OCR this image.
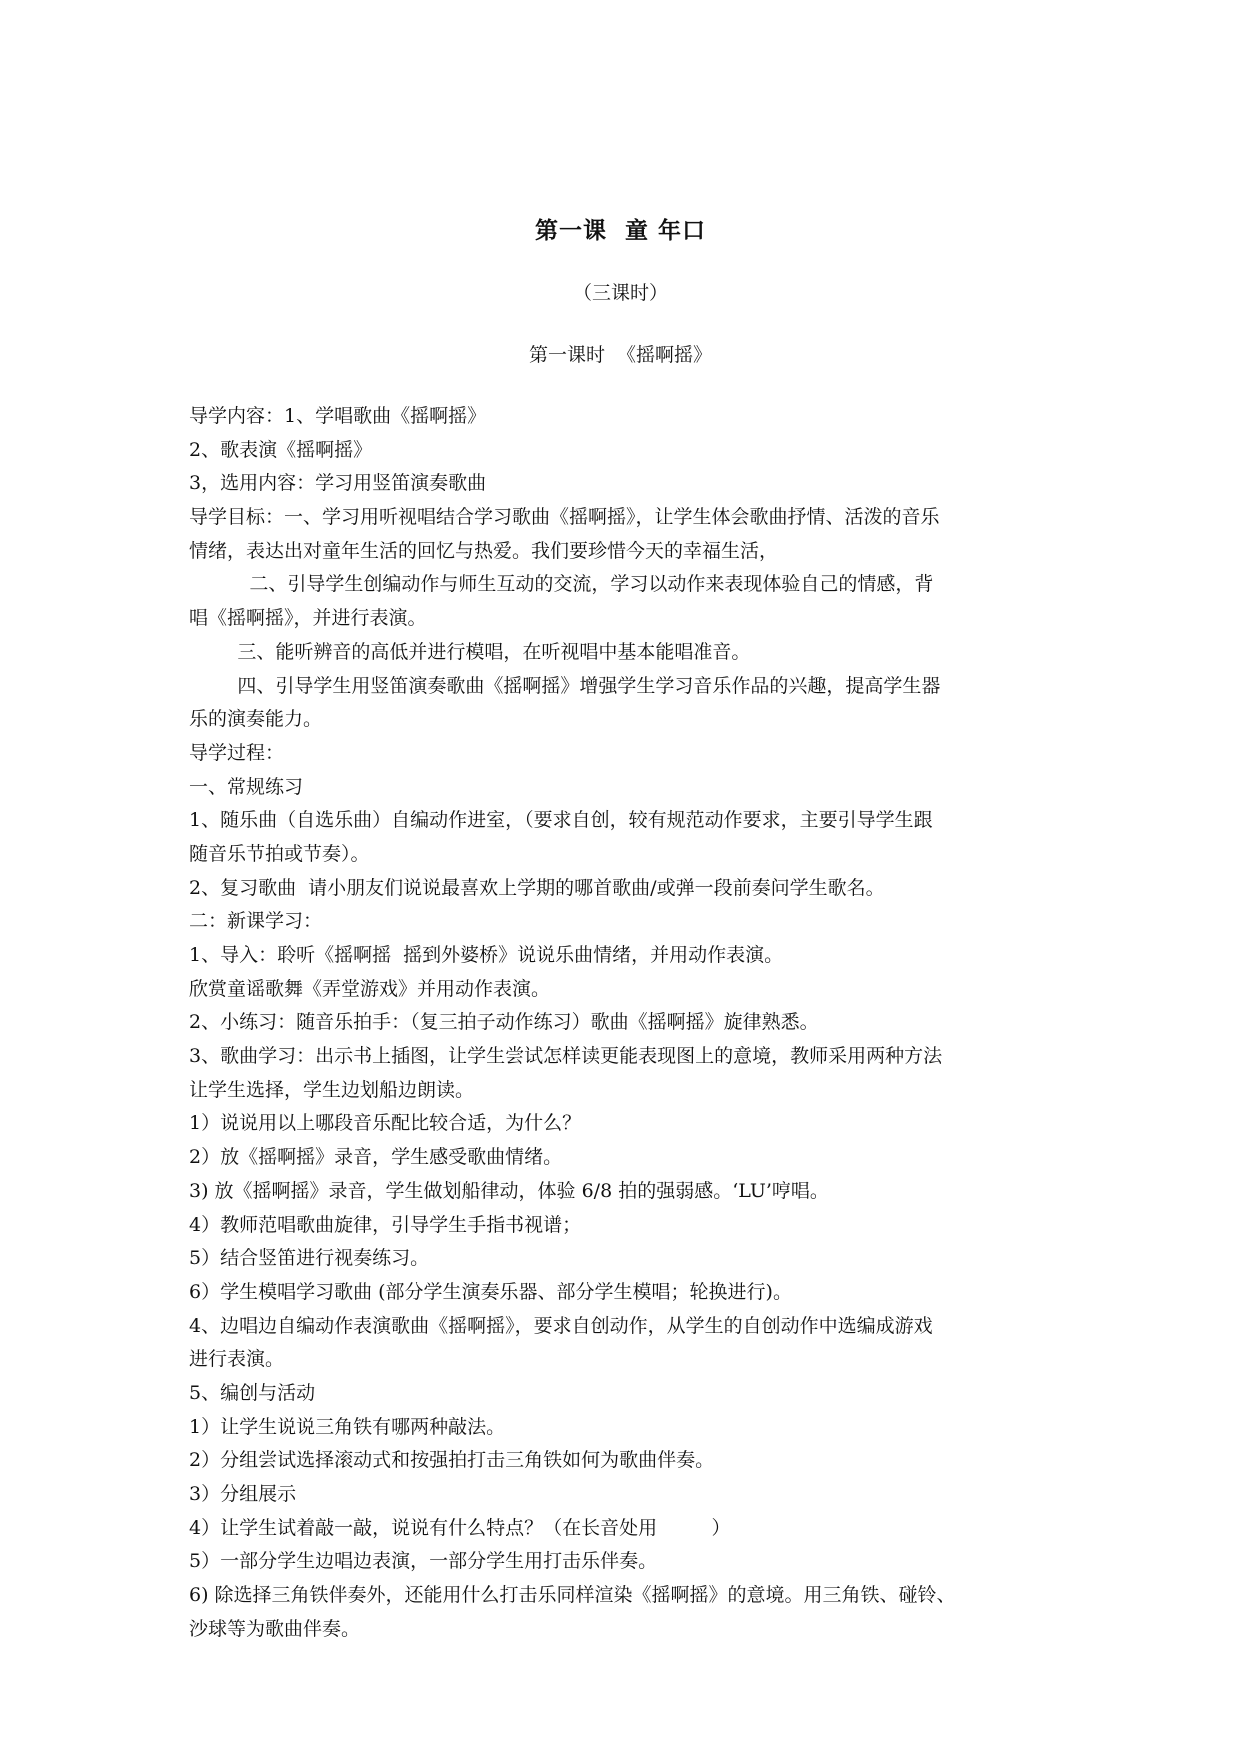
第一课  童 年口
（三课时）
第一课时  《摇啊摇》
导学内容：1、学唱歌曲《摇啊摇》
2、歌表演《摇啊摇》
3，选用内容：学习用竖笛演奏歌曲
导学目标：一、学习用听视唱结合学习歌曲《摇啊摇》，让学生体会歌曲抒情、活泼的音乐
情绪，表达出对童年生活的回忆与热爱。我们要珍惜今天的幸福生活，
二、引导学生创编动作与师生互动的交流，学习以动作来表现体验自己的情感，背
唱《摇啊摇》，并进行表演。
三、能听辨音的高低并进行模唱，在听视唱中基本能唱准音。
四、引导学生用竖笛演奏歌曲《摇啊摇》增强学生学习音乐作品的兴趣，提高学生器
乐的演奏能力。
导学过程：
一、常规练习
1、随乐曲（自选乐曲）自编动作进室，（要求自创，较有规范动作要求，主要引导学生跟
随音乐节拍或节奏）。
2、复习歌曲  请小朋友们说说最喜欢上学期的哪首歌曲/或弹一段前奏问学生歌名。
二：新课学习：
1、导入：聆听《摇啊摇  摇到外婆桥》说说乐曲情绪，并用动作表演。
欣赏童谣歌舞《弄堂游戏》并用动作表演。
2、小练习：随音乐拍手：（复三拍子动作练习）歌曲《摇啊摇》旋律熟悉。
3、歌曲学习：出示书上插图，让学生尝试怎样读更能表现图上的意境，教师采用两种方法
让学生选择，学生边划船边朗读。
1）说说用以上哪段音乐配比较合适，为什么？
2）放《摇啊摇》录音，学生感受歌曲情绪。
3) 放《摇啊摇》录音，学生做划船律动，体验 6/8 拍的强弱感。‘LU’哼唱。
4）教师范唱歌曲旋律，引导学生手指书视谱；
5）结合竖笛进行视奏练习。
6）学生模唱学习歌曲 (部分学生演奏乐器、部分学生模唱；轮换进行)。
4、边唱边自编动作表演歌曲《摇啊摇》，要求自创动作，从学生的自创动作中选编成游戏
进行表演。
5、编创与活动
1）让学生说说三角铁有哪两种敲法。
2）分组尝试选择滚动式和按强拍打击三角铁如何为歌曲伴奏。
3）分组展示
4）让学生试着敲一敲，说说有什么特点？（在长音处用         ）
5）一部分学生边唱边表演，一部分学生用打击乐伴奏。
6) 除选择三角铁伴奏外，还能用什么打击乐同样渲染《摇啊摇》的意境。用三角铁、碰铃、
沙球等为歌曲伴奏。
